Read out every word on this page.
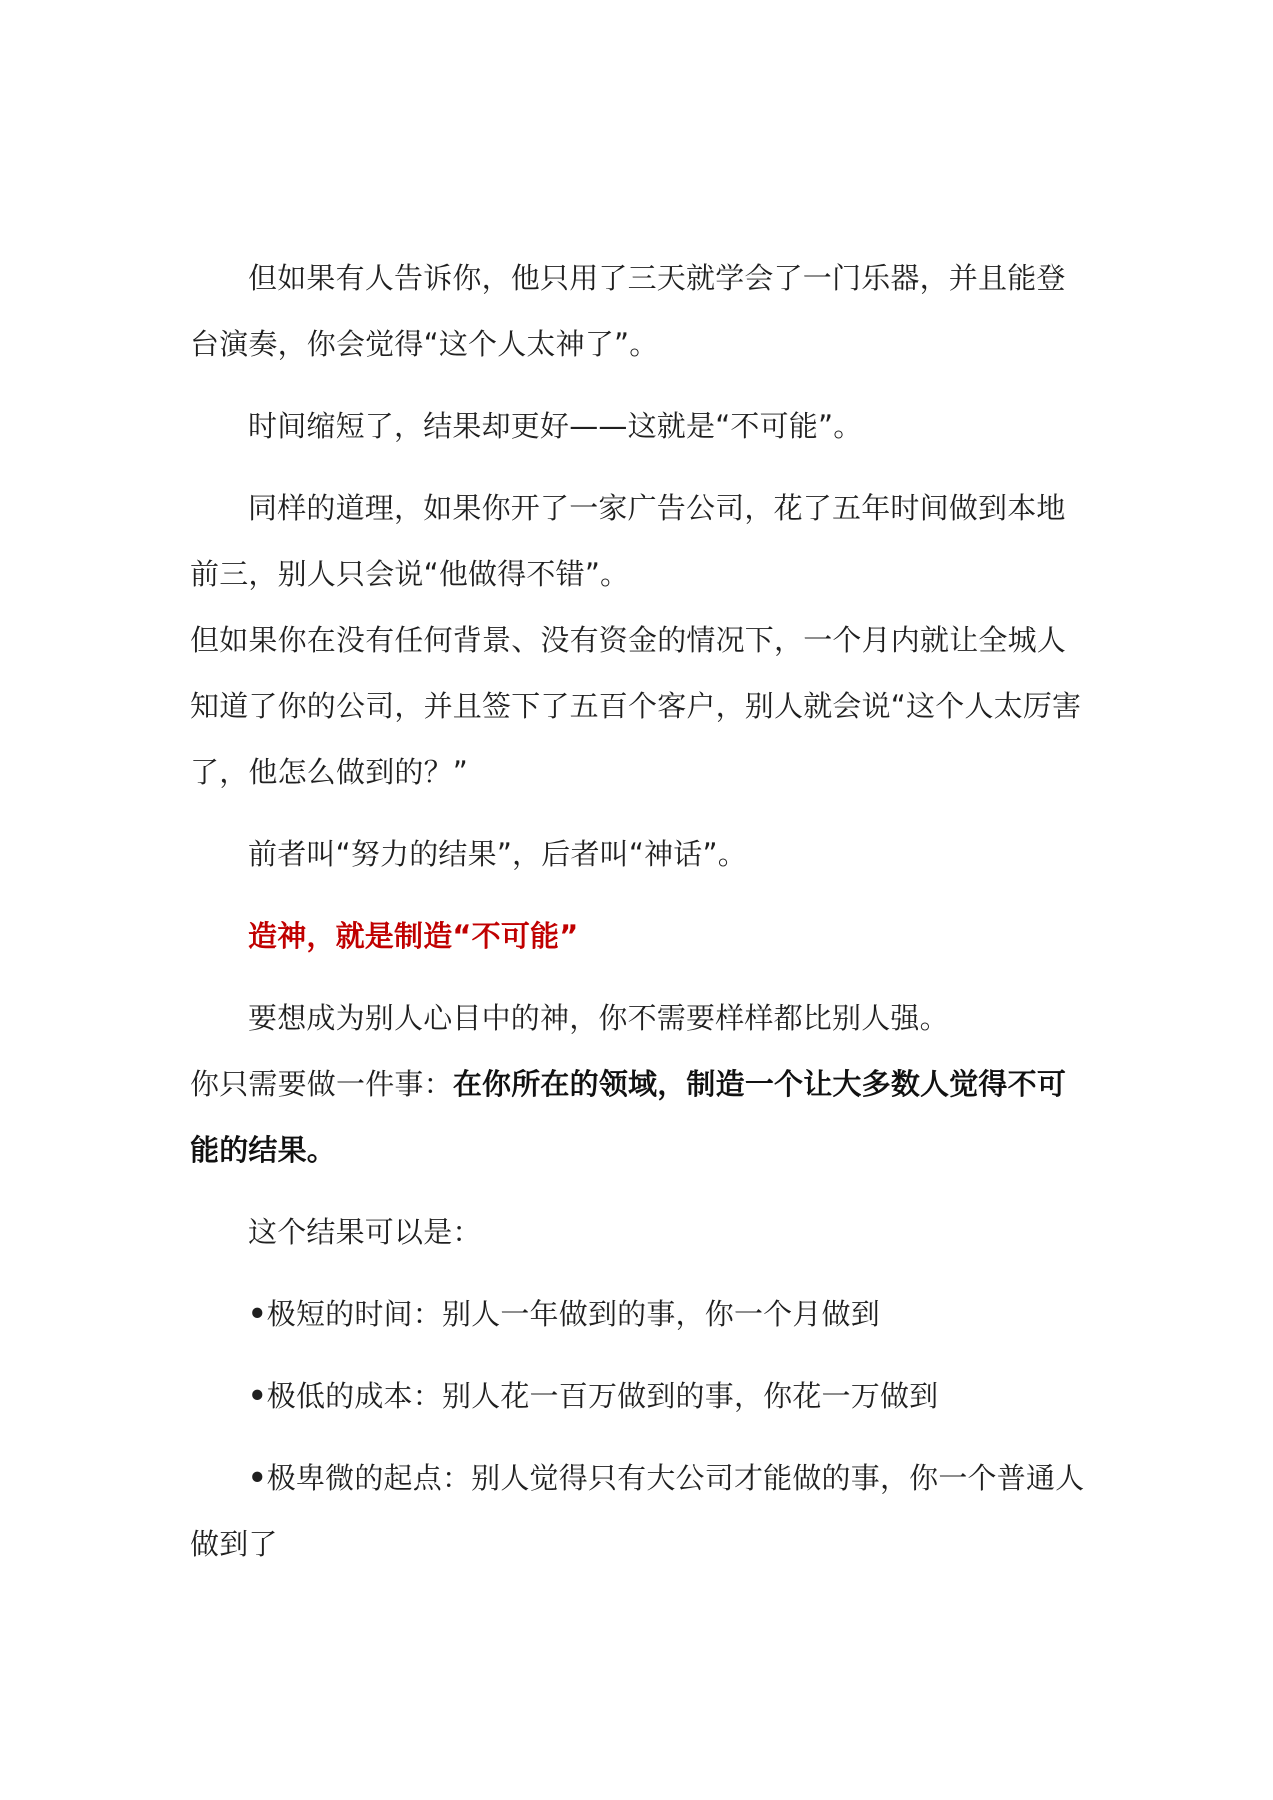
但如果有人告诉你，他只用了三天就学会了一门乐器，并且能登台演奏，你会觉得“这个人太神了”。

时间缩短了，结果却更好——这就是“不可能”。

同样的道理，如果你开了一家广告公司，花了五年时间做到本地前三，别人只会说“他做得不错”。

但如果你在没有任何背景、没有资金的情况下，一个月内就让全城人知道了你的公司，并且签下了五百个客户，别人就会说“这个人太厉害了，他怎么做到的？”

前者叫“努力的结果”，后者叫“神话”。

造神，就是制造“不可能”

要想成为别人心目中的神，你不需要样样都比别人强。

你只需要做一件事：在你所在的领域，制造一个让大多数人觉得不可能的结果。

这个结果可以是：

•极短的时间：别人一年做到的事，你一个月做到

•极低的成本：别人花一百万做到的事，你花一万做到

•极卑微的起点：别人觉得只有大公司才能做的事，你一个普通人做到了
